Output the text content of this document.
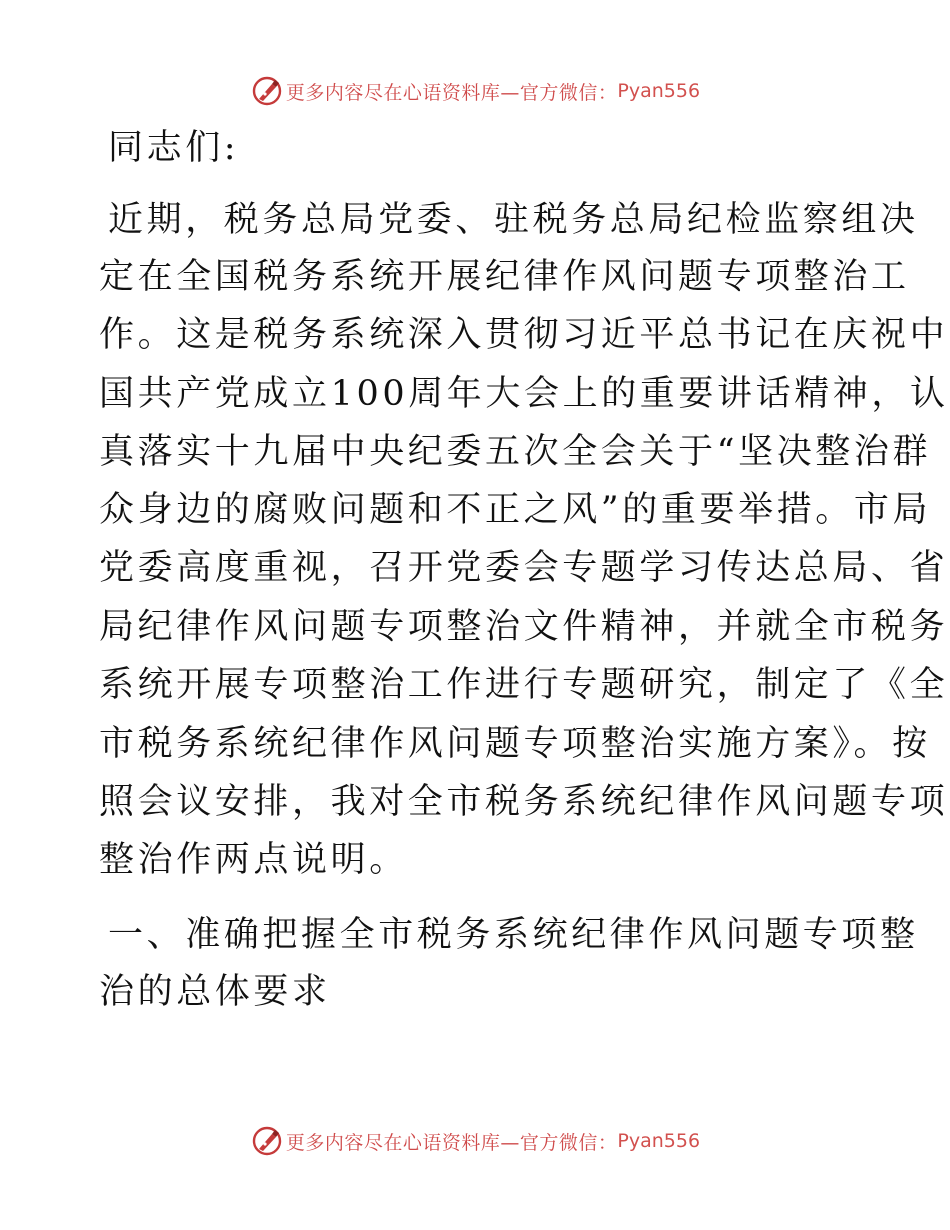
更多内容尽在心语资料库—官方微信： Pyan556
同志们:
近期，税务总局党委、驻税务总局纪检监察组决
定在全国税务系统开展纪律作风问题专项整治工
作。这是税务系统深入贯彻习近平总书记在庆祝中
国共产党成立100周年大会上的重要讲话精神，认
真落实十九届中央纪委五次全会关于“坚决整治群
众身边的腐败问题和不正之风”的重要举措。市局
党委高度重视，召开党委会专题学习传达总局、省
局纪律作风问题专项整治文件精神，并就全市税务
系统开展专项整治工作进行专题研究，制定了《全
市税务系统纪律作风问题专项整治实施方案》。按
照会议安排，我对全市税务系统纪律作风问题专项
整治作两点说明。
一、准确把握全市税务系统纪律作风问题专项整
治的总体要求
更多内容尽在心语资料库—官方微信： Pyan556
